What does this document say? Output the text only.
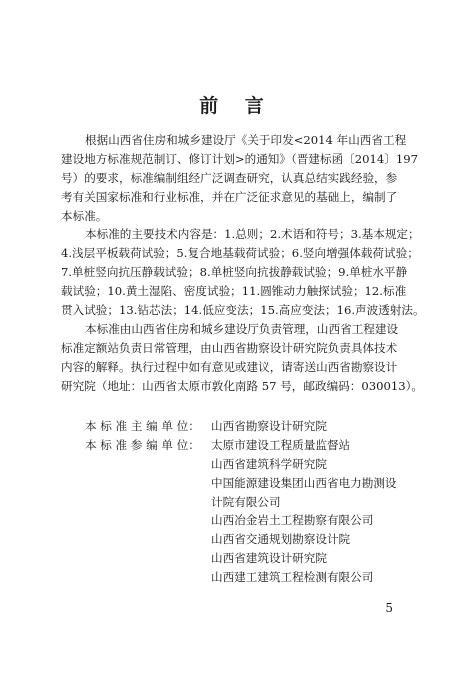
前 言
根据山西省住房和城乡建设厅《关于印发<2014 年山西省工程
建设地方标准规范制订、修订计划>的通知》（晋建标函〔2014〕197
号）的要求，标准编制组经广泛调查研究，认真总结实践经验，参
考有关国家标准和行业标准，并在广泛征求意见的基础上，编制了
本标准。
本标准的主要技术内容是：1.总则；2.术语和符号；3.基本规定；
4.浅层平板载荷试验；5.复合地基载荷试验；6.竖向增强体载荷试验；
7.单桩竖向抗压静载试验；8.单桩竖向抗拔静载试验；9.单桩水平静
载试验；10.黄土湿陷、密度试验；11.圆锥动力触探试验；12.标准
贯入试验；13.钻芯法；14.低应变法；15.高应变法；16.声波透射法。
本标准由山西省住房和城乡建设厅负责管理，山西省工程建设
标准定额站负责日常管理，由山西省勘察设计研究院负责具体技术
内容的解释。执行过程中如有意见或建议，请寄送山西省勘察设计
研究院（地址：山西省太原市敦化南路 57 号，邮政编码：030013）。
本 标 准 主 编 单 位： 山西省勘察设计研究院
本 标 准 参 编 单 位： 太原市建设工程质量监督站
山西省建筑科学研究院
中国能源建设集团山西省电力勘测设
计院有限公司
山西冶金岩土工程勘察有限公司
山西省交通规划勘察设计院
山西省建筑设计研究院
山西建工建筑工程检测有限公司
5
